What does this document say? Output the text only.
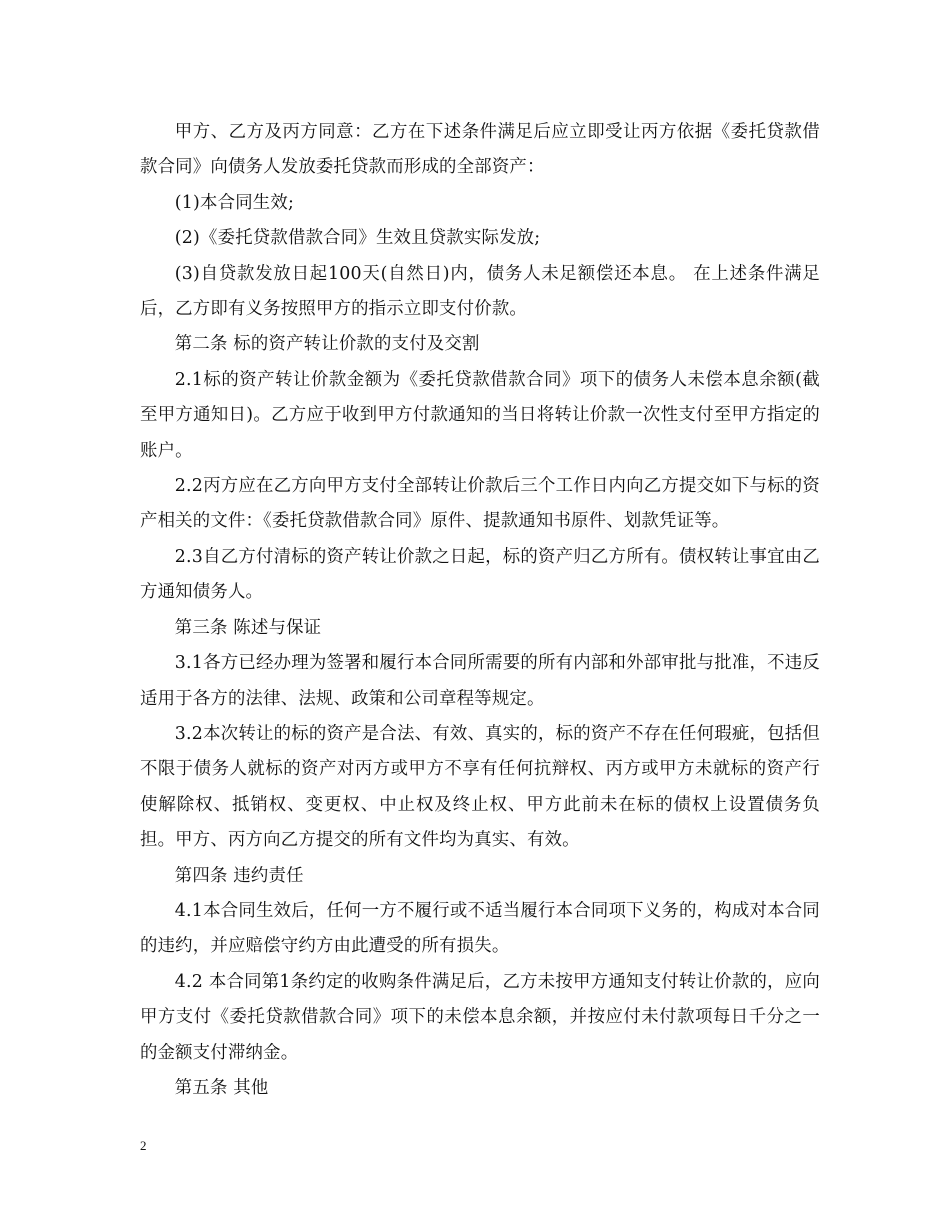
甲方、乙方及丙方同意：乙方在下述条件满足后应立即受让丙方依据《委托贷款借款合同》向债务人发放委托贷款而形成的全部资产：

(1)本合同生效;

(2)《委托贷款借款合同》生效且贷款实际发放;

(3)自贷款发放日起100天(自然日)内，债务人未足额偿还本息。 在上述条件满足后，乙方即有义务按照甲方的指示立即支付价款。

第二条 标的资产转让价款的支付及交割

2.1标的资产转让价款金额为《委托贷款借款合同》项下的债务人未偿本息余额(截至甲方通知日)。乙方应于收到甲方付款通知的当日将转让价款一次性支付至甲方指定的账户。

2.2丙方应在乙方向甲方支付全部转让价款后三个工作日内向乙方提交如下与标的资产相关的文件：《委托贷款借款合同》原件、提款通知书原件、划款凭证等。

2.3自乙方付清标的资产转让价款之日起，标的资产归乙方所有。债权转让事宜由乙方通知债务人。

第三条 陈述与保证

3.1各方已经办理为签署和履行本合同所需要的所有内部和外部审批与批准，不违反适用于各方的法律、法规、政策和公司章程等规定。

3.2本次转让的标的资产是合法、有效、真实的，标的资产不存在任何瑕疵，包括但不限于债务人就标的资产对丙方或甲方不享有任何抗辩权、丙方或甲方未就标的资产行使解除权、抵销权、变更权、中止权及终止权、甲方此前未在标的债权上设置债务负担。甲方、丙方向乙方提交的所有文件均为真实、有效。

第四条 违约责任

4.1本合同生效后，任何一方不履行或不适当履行本合同项下义务的，构成对本合同的违约，并应赔偿守约方由此遭受的所有损失。

4.2 本合同第1条约定的收购条件满足后，乙方未按甲方通知支付转让价款的，应向甲方支付《委托贷款借款合同》项下的未偿本息余额，并按应付未付款项每日千分之一的金额支付滞纳金。

第五条 其他

2
